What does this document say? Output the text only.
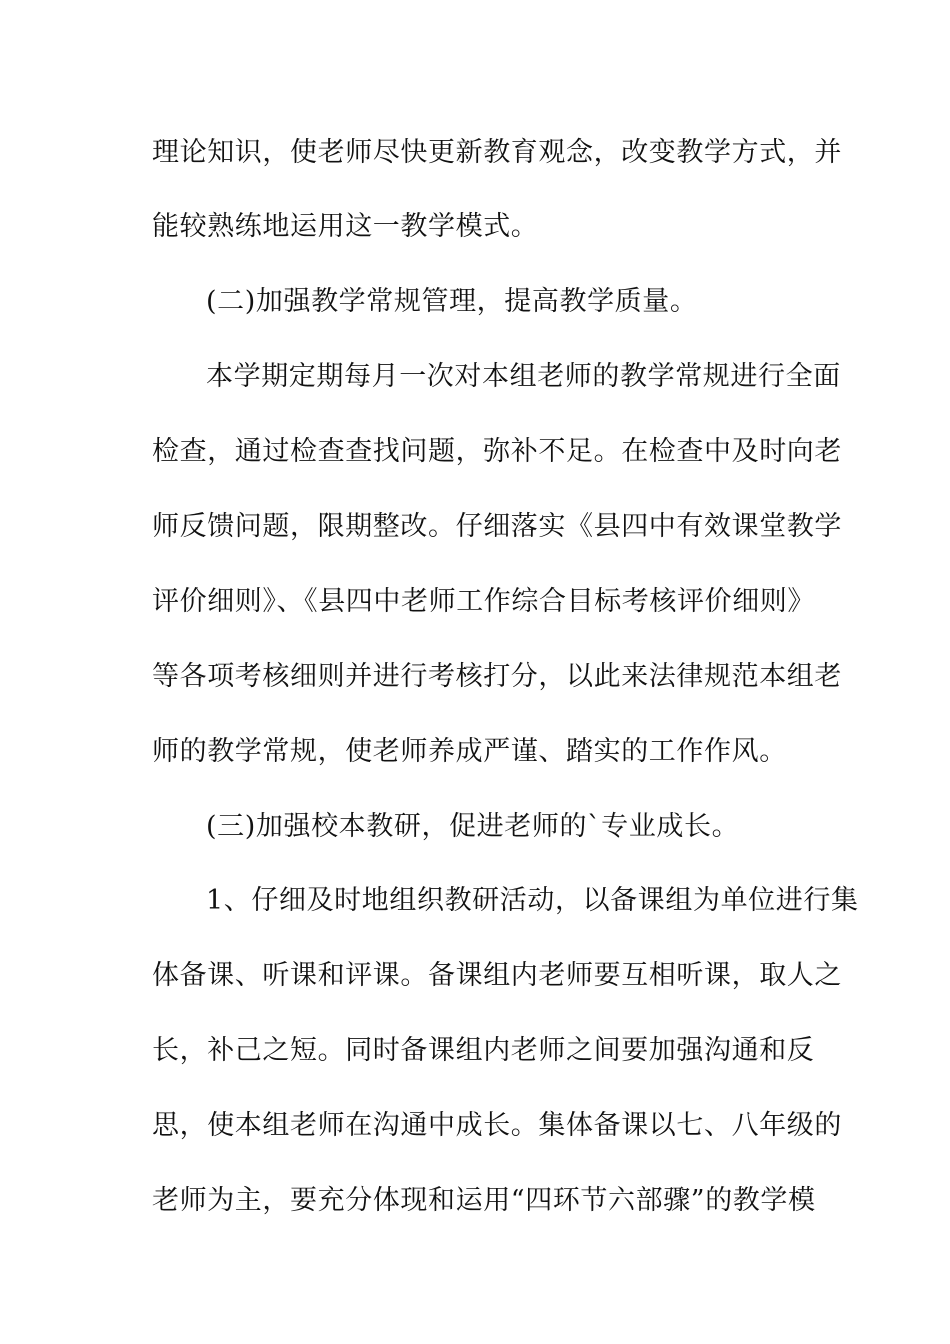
理论知识，使老师尽快更新教育观念，改变教学方式，并
能较熟练地运用这一教学模式。
(二)加强教学常规管理，提高教学质量。
本学期定期每月一次对本组老师的教学常规进行全面
检查，通过检查查找问题，弥补不足。在检查中及时向老
师反馈问题，限期整改。仔细落实《县四中有效课堂教学
评价细则》、《县四中老师工作综合目标考核评价细则》
等各项考核细则并进行考核打分，以此来法律规范本组老
师的教学常规，使老师养成严谨、踏实的工作作风。
(三)加强校本教研，促进老师的`专业成长。
1、仔细及时地组织教研活动，以备课组为单位进行集
体备课、听课和评课。备课组内老师要互相听课，取人之
长，补己之短。同时备课组内老师之间要加强沟通和反
思，使本组老师在沟通中成长。集体备课以七、八年级的
老师为主，要充分体现和运用“四环节六部骤”的教学模
